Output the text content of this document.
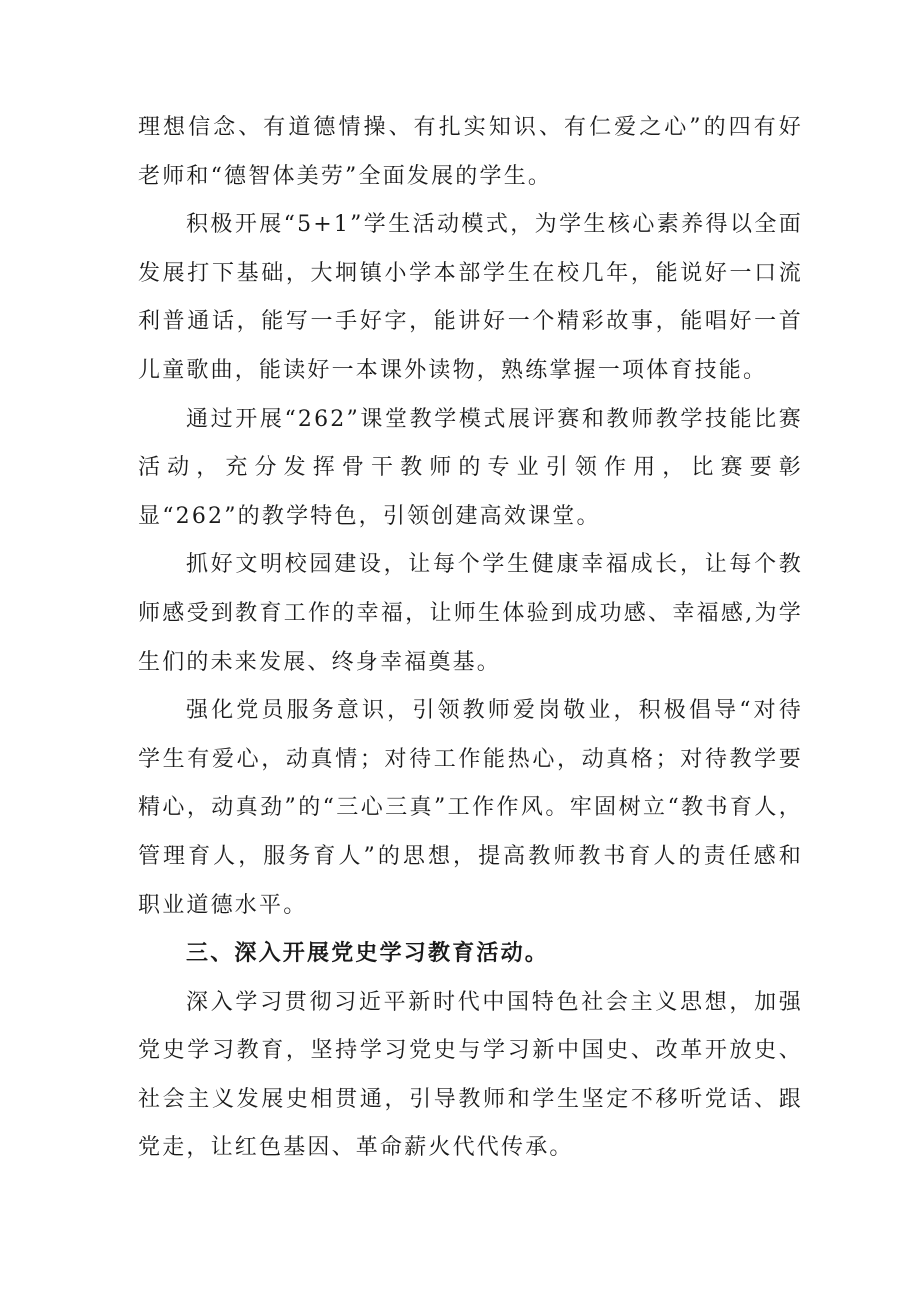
理想信念、有道德情操、有扎实知识、有仁爱之心”的四有好老师和“德智体美劳”全面发展的学生。

积极开展“5+1”学生活动模式，为学生核心素养得以全面发展打下基础，大坰镇小学本部学生在校几年，能说好一口流利普通话，能写一手好字，能讲好一个精彩故事，能唱好一首儿童歌曲，能读好一本课外读物，熟练掌握一项体育技能。

通过开展“262”课堂教学模式展评赛和教师教学技能比赛活动，充分发挥骨干教师的专业引领作用，比赛要彰显“262”的教学特色，引领创建高效课堂。

抓好文明校园建设，让每个学生健康幸福成长，让每个教师感受到教育工作的幸福，让师生体验到成功感、幸福感,为学生们的未来发展、终身幸福奠基。

强化党员服务意识，引领教师爱岗敬业，积极倡导“对待学生有爱心，动真情；对待工作能热心，动真格；对待教学要精心，动真劲”的“三心三真”工作作风。牢固树立“教书育人，管理育人，服务育人”的思想，提高教师教书育人的责任感和职业道德水平。

三、深入开展党史学习教育活动。

深入学习贯彻习近平新时代中国特色社会主义思想，加强党史学习教育，坚持学习党史与学习新中国史、改革开放史、社会主义发展史相贯通，引导教师和学生坚定不移听党话、跟党走，让红色基因、革命薪火代代传承。
